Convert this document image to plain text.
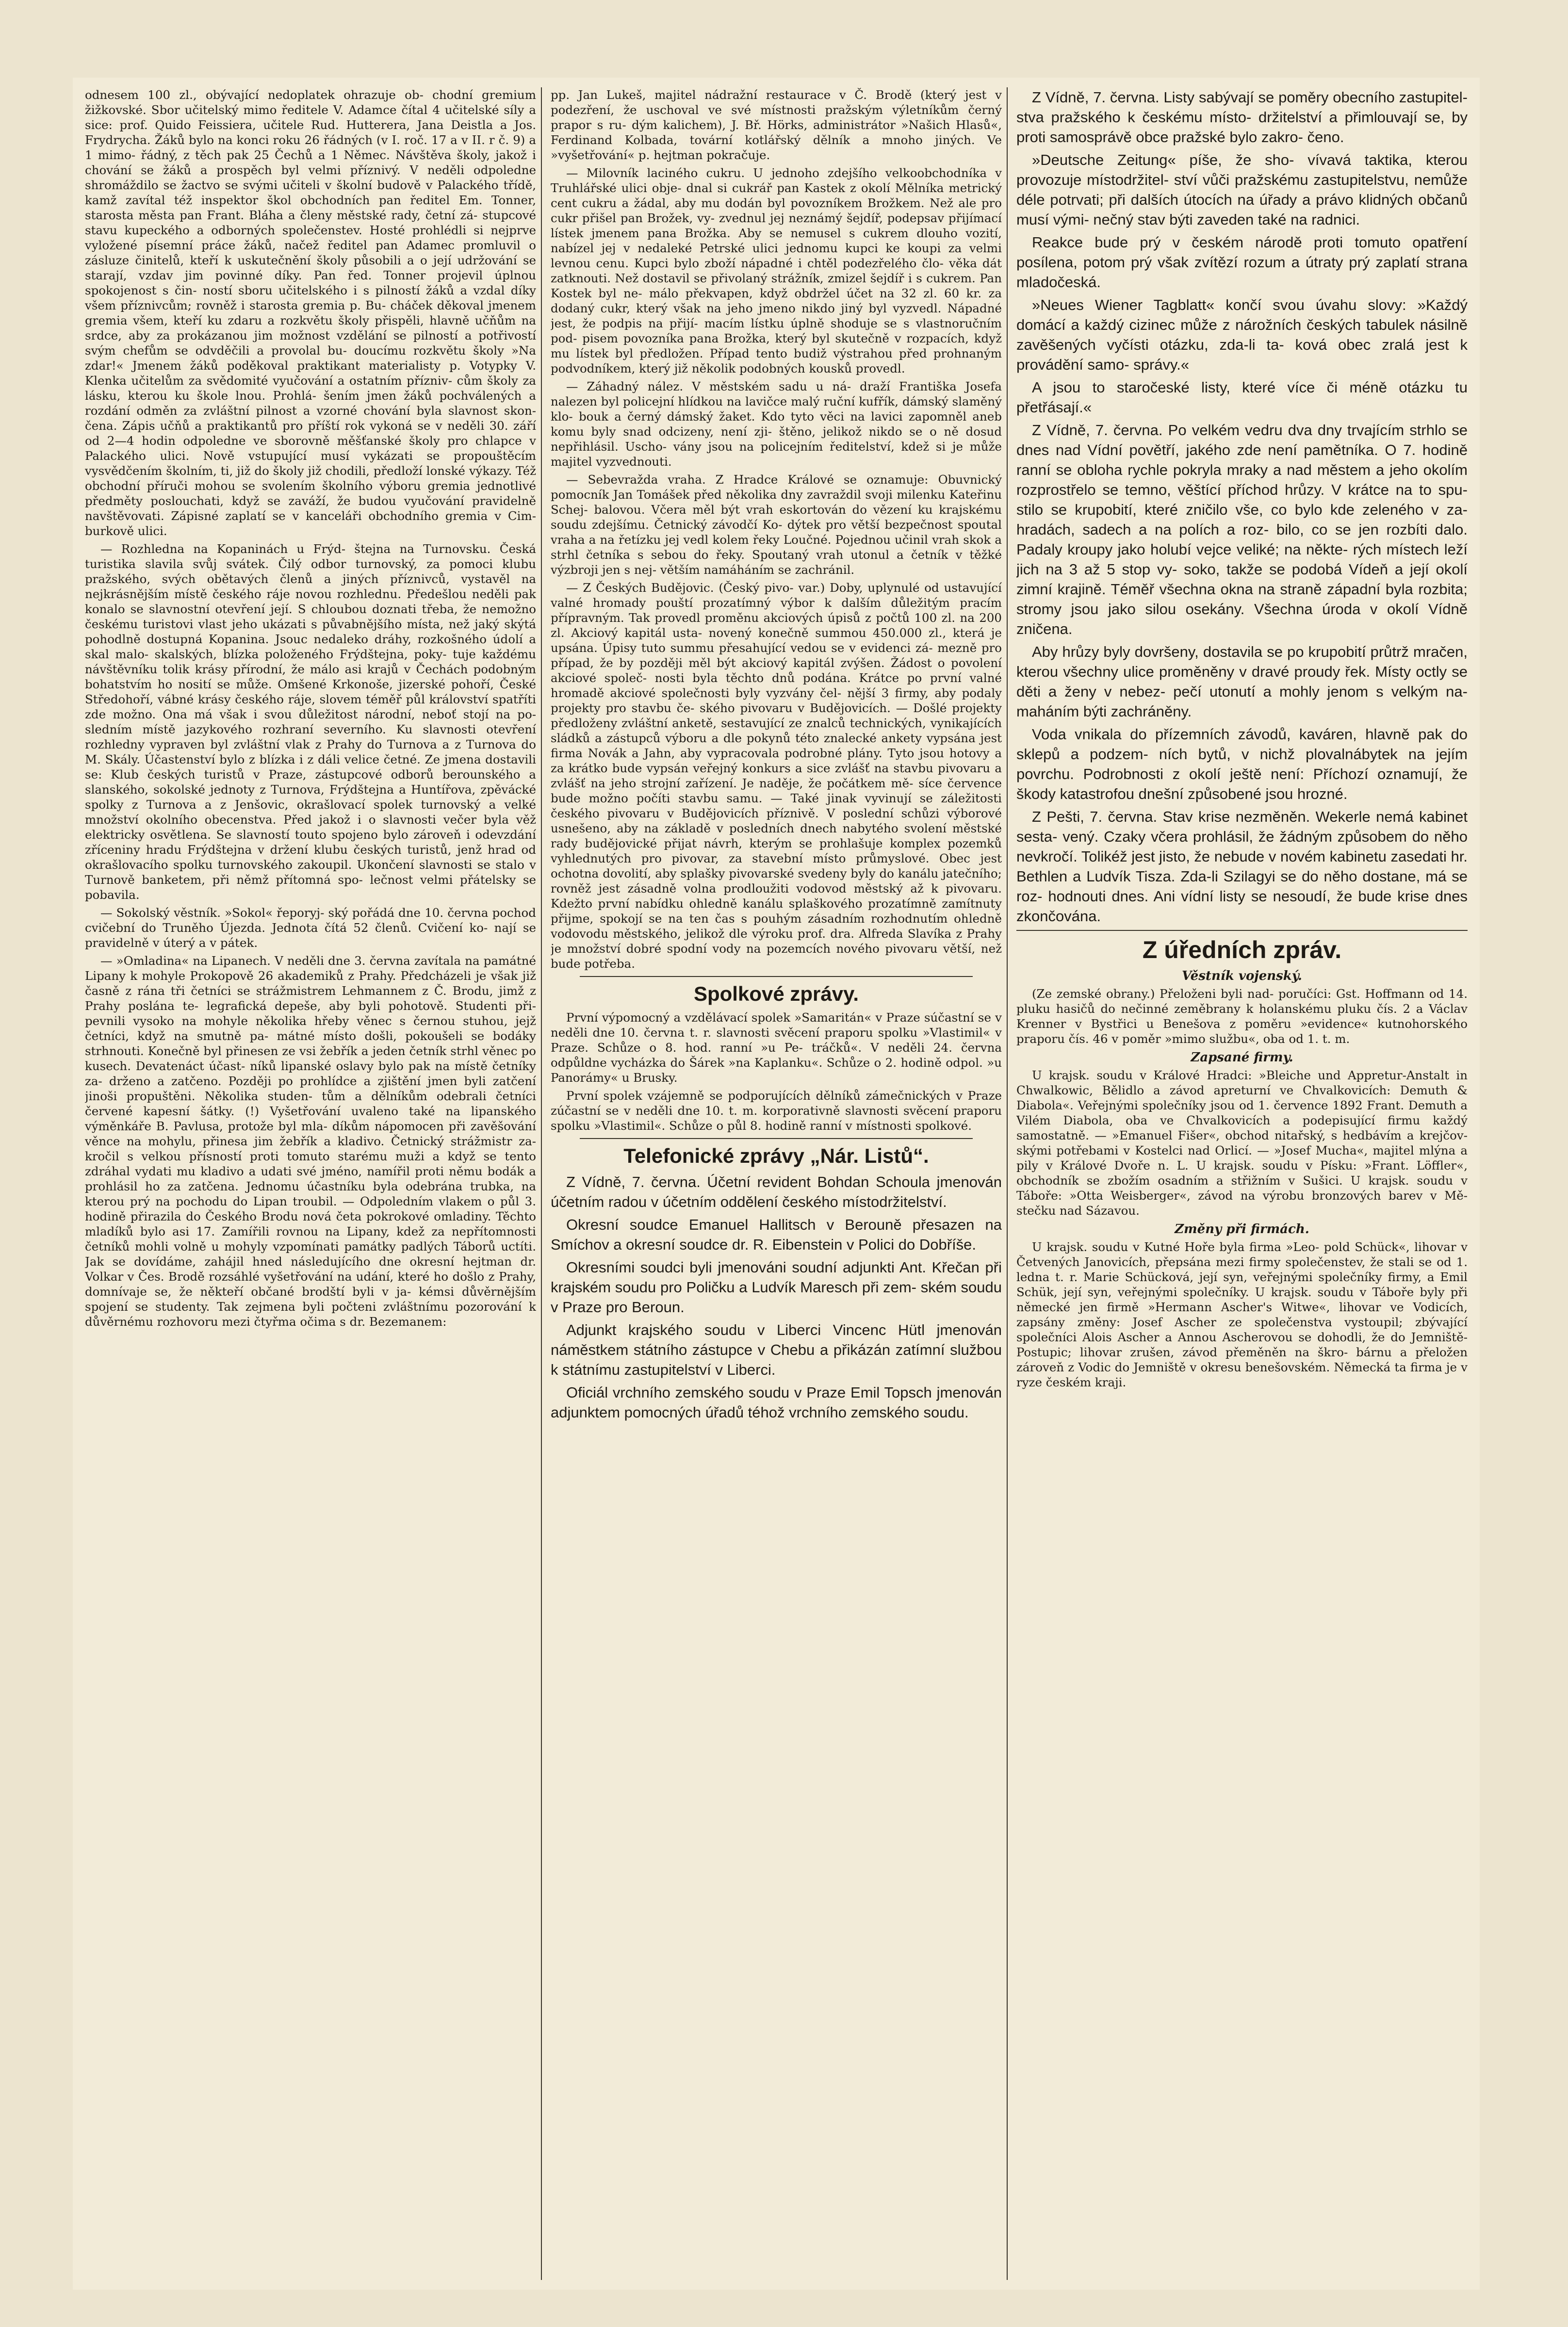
odnesem 100 zl., obývající nedoplatek ohrazuje ob- chodní gremium žižkovské. Sbor učitelský mimo ředitele V. Adamce čítal 4 učitelské síly a sice: prof. Quido Feissiera, učitele Rud. Hutterera, Jana Deistla a Jos. Frydrycha. Žáků bylo na konci roku 26 řádných (v I. roč. 17 a v II. r č. 9) a 1 mimo- řádný, z těch pak 25 Čechů a 1 Němec. Návštěva školy, jakož i chování se žáků a prospěch byl velmi příznivý. V neděli odpoledne shromáždilo se žactvo se svými učiteli v školní budově v Palackého třídě, kamž zavítal též inspektor škol obchodních pan ředitel Em. Tonner, starosta města pan Frant. Bláha a členy městské rady, četní zá- stupcové stavu kupeckého a odborných společenstev. Hosté prohlédli si nejprve vyložené písemní práce žáků, načež ředitel pan Adamec promluvil o zásluze činitelů, kteří k uskutečnění školy působili a o její udržování se starají, vzdav jim povinné díky. Pan řed. Tonner projevil úplnou spokojenost s čin- ností sboru učitelského i s pilností žáků a vzdal díky všem příznivcům; rovněž i starosta gremia p. Bu- cháček děkoval jmenem gremia všem, kteří ku zdaru a rozkvětu školy přispěli, hlavně učňům na srdce, aby za prokázanou jim možnost vzdělání se pilností a potřivostí svým chefům se odvděčili a provolal bu- doucímu rozkvětu školy »Na zdar!« Jmenem žáků poděkoval praktikant materialisty p. Votypky V. Klenka učitelům za svědomité vyučování a ostatním přízniv- cům školy za lásku, kterou ku škole lnou. Prohlá- šením jmen žáků pochválených a rozdání odměn za zvláštní pilnost a vzorné chování byla slavnost skon- čena. Zápis učňů a praktikantů pro příští rok vykoná se v neděli 30. září od 2—4 hodin odpoledne ve sborovně měšťanské školy pro chlapce v Palackého ulici. Nově vstupující musí vykázati se propouštěcím vysvědčením školním, ti, již do školy již chodili, předloží lonské výkazy. Též obchodní příruči mohou se svolením školního výboru gremia jednotlivé předměty poslouchati, když se zaváží, že budou vyučování pravidelně navštěvovati. Zápisné zaplatí se v kanceláři obchodního gremia v Cim- burkově ulici.

— Rozhledna na Kopaninách u Frýd- štejna na Turnovsku. Česká turistika slavila svůj svátek. Čilý odbor turnovský, za pomoci klubu pražského, svých obětavých členů a jiných příznivců, vystavěl na nejkrásnějším místě českého ráje novou rozhlednu. Předešlou neděli pak konalo se slavnostní otevření její. S chloubou doznati třeba, že nemožno českému turistovi vlast jeho ukázati s půvabnějšího místa, než jaký skýtá pohodlně dostupná Kopanina. Jsouc nedaleko dráhy, rozkošného údolí a skal malo- skalských, blízka položeného Frýdštejna, poky- tuje každému návštěvníku tolik krásy přírodní, že málo asi krajů v Čechách podobným bohatstvím ho nosití se může. Omšené Krkonoše, jizerské pohoří, České Středohoří, vábné krásy českého ráje, slovem téměř půl království spatříti zde možno. Ona má však i svou důležitost národní, neboť stojí na po- sledním místě jazykového rozhraní severního. Ku slavnosti otevření rozhledny vypraven byl zvláštní vlak z Prahy do Turnova a z Turnova do M. Skály. Účastenství bylo z blízka i z dáli velice četné. Ze jmena dostavili se: Klub českých turistů v Praze, zástupcové odborů berounského a slanského, sokolské jednoty z Turnova, Frýdštejna a Huntířova, zpěvácké spolky z Turnova a z Jenšovic, okrašlovací spolek turnovský a velké množství okolního obecenstva. Před jakož i o slavnosti večer byla věž elektricky osvětlena. Se slavností touto spojeno bylo zároveň i odevzdání zříceniny hradu Frýdštejna v držení klubu českých turistů, jenž hrad od okrašlovacího spolku turnovského zakoupil. Ukončení slavnosti se stalo v Turnově banketem, při němž přítomná spo- lečnost velmi přátelsky se pobavila.

— Sokolský věstník. »Sokol« řeporyj- ský pořádá dne 10. června pochod cvičební do Truněho Újezda. Jednota čítá 52 členů. Cvičení ko- nají se pravidelně v úterý a v pátek.

— »Omladina« na Lipanech. V neděli dne 3. června zavítala na památné Lipany k mohyle Prokopově 26 akademiků z Prahy. Předcházeli je však již časně z rána tři četníci se strážmistrem Lehmannem z Č. Brodu, jimž z Prahy poslána te- legrafická depeše, aby byli pohotově. Studenti při- pevnili vysoko na mohyle několika hřeby věnec s černou stuhou, jejž četníci, když na smutně pa- mátné místo došli, pokoušeli se bodáky strhnouti. Konečně byl přinesen ze vsi žebřík a jeden četník strhl věnec po kusech. Devatenáct účast- níků lipanské oslavy bylo pak na místě četníky za- drženo a zatčeno. Později po prohlídce a zjištění jmen byli zatčení jinoši propuštěni. Několika studen- tům a dělníkům odebrali četníci červené kapesní šátky. (!) Vyšetřování uvaleno také na lipanského výměnkáře B. Pavlusa, protože byl mla- díkům nápomocen při zavěšování věnce na mohylu, přinesa jim žebřík a kladivo. Četnický strážmistr za- kročil s velkou přísností proti tomuto starému muži a když se tento zdráhal vydati mu kladivo a udati své jméno, namířil proti němu bodák a prohlásil ho za zatčena. Jednomu účastníku byla odebrána trubka, na kterou prý na pochodu do Lipan troubil. — Odpoledním vlakem o půl 3. hodině přirazila do Českého Brodu nová četa pokrokové omladiny. Těchto mladíků bylo asi 17. Zamířili rovnou na Lipany, kdež za nepřítomnosti četníků mohli volně u mohyly vzpomínati památky padlých Táborů uctíti. Jak se dovídáme, zahájil hned následujícího dne okresní hejtman dr. Volkar v Čes. Brodě rozsáhlé vyšetřování na udání, které ho došlo z Prahy, domnívaje se, že někteří občané brodští byli v ja- kémsi důvěrnějším spojení se studenty. Tak zejmena byli počteni zvláštnímu pozorování k důvěrnému rozhovoru mezi čtyřma očima s dr. Bezemanem:

pp. Jan Lukeš, majitel nádražní restaurace v Č. Brodě (který jest v podezření, že uschoval ve své místnosti pražským výletníkům černý prapor s ru- dým kalichem), J. Bř. Hörks, administrátor »Našich Hlasů«, Ferdinand Kolbada, tovární kotlářský dělník a mnoho jiných. Ve »vyšetřování« p. hejtman pokračuje.

— Milovník laciného cukru. U jednoho zdejšího velkoobchodníka v Truhlářské ulici obje- dnal si cukrář pan Kastek z okolí Mělníka metrický cent cukru a žádal, aby mu dodán byl povozníkem Brožkem. Než ale pro cukr přišel pan Brožek, vy- zvednul jej neznámý šejdíř, podepsav přijímací lístek jmenem pana Brožka. Aby se nemusel s cukrem dlouho vozití, nabízel jej v nedaleké Petrské ulici jednomu kupci ke koupi za velmi levnou cenu. Kupci bylo zboží nápadné i chtěl podezřelého člo- věka dát zatknouti. Než dostavil se přivolaný strážník, zmizel šejdíř i s cukrem. Pan Kostek byl ne- málo překvapen, když obdržel účet na 32 zl. 60 kr. za dodaný cukr, který však na jeho jmeno nikdo jiný byl vyzvedl. Nápadné jest, že podpis na přijí- macím lístku úplně shoduje se s vlastnoručním pod- pisem povozníka pana Brožka, který byl skutečně v rozpacích, když mu lístek byl předložen. Případ tento budiž výstrahou před prohnaným podvodníkem, který již několik podobných kousků provedl.

— Záhadný nález. V městském sadu u ná- draží Františka Josefa nalezen byl policejní hlídkou na lavičce malý ruční kufřík, dámský slaměný klo- bouk a černý dámský žaket. Kdo tyto věci na lavici zapomněl aneb komu byly snad odcizeny, není zji- štěno, jelikož nikdo se o ně dosud nepřihlásil. Uscho- vány jsou na policejním ředitelství, kdež si je může majitel vyzvednouti.

— Sebevražda vraha. Z Hradce Králové se oznamuje: Obuvnický pomocník Jan Tomášek před několika dny zavraždil svoji milenku Kateřinu Schej- balovou. Včera měl být vrah eskortován do vězení ku krajskému soudu zdejšímu. Četnický závodčí Ko- dýtek pro větší bezpečnost spoutal vraha a na řetízku jej vedl kolem řeky Loučné. Pojednou učinil vrah skok a strhl četníka s sebou do řeky. Spoutaný vrah utonul a četník v těžké výzbroji jen s nej- větším namáháním se zachránil.

— Z Českých Budějovic. (Český pivo- var.) Doby, uplynulé od ustavující valné hromady pouští prozatímný výbor k dalším důležitým pracím přípravným. Tak provedl proměnu akciových úpisů z počtů 100 zl. na 200 zl. Akciový kapitál usta- novený konečně summou 450.000 zl., která je upsána. Úpisy tuto summu přesahující vedou se v evidenci zá- mezně pro případ, že by později měl být akciový kapitál zvýšen. Žádost o povolení akciové společ- nosti byla těchto dnů podána. Krátce po první valné hromadě akciové společnosti byly vyzvány čel- nější 3 firmy, aby podaly projekty pro stavbu če- ského pivovaru v Budějovicích. — Došlé projekty předloženy zvláštní anketě, sestavující ze znalců technických, vynikajících sládků a zástupců výboru a dle pokynů této znalecké ankety vypsána jest firma Novák a Jahn, aby vypracovala podrobné plány. Tyto jsou hotovy a za krátko bude vypsán veřejný konkurs a sice zvlášť na stavbu pivovaru a zvlášť na jeho strojní zařízení. Je naděje, že počátkem mě- síce července bude možno počíti stavbu samu. — Také jinak vyvinují se záležitosti českého pivovaru v Budějovicích příznivě. V poslední schůzi výborové usnešeno, aby na základě v posledních dnech nabytého svolení městské rady budějovické přijat návrh, kterým se prohlašuje komplex pozemků vyhlednutých pro pivovar, za stavební místo průmyslové. Obec jest ochotna dovolití, aby splašky pivovarské svedeny byly do kanálu jatečního; rovněž jest zásadně volna prodloužiti vodovod městský až k pivovaru. Kdežto první nabídku ohledně kanálu splaškového prozatímně zamítnuty přijme, spokojí se na ten čas s pouhým zásadním rozhodnutím ohledně vodovodu městského, jelikož dle výroku prof. dra. Alfreda Slavíka z Prahy je množství dobré spodní vody na pozemcích nového pivovaru větší, než bude potřeba.

Spolkové zprávy.

První výpomocný a vzdělávací spolek »Samaritán« v Praze súčastní se v neděli dne 10. června t. r. slavnosti svěcení praporu spolku »Vlastimil« v Praze. Schůze o 8. hod. ranní »u Pe- tráčků«. V neděli 24. června odpůldne vycházka do Šárek »na Kaplanku«. Schůze o 2. hodině odpol. »u Panorámy« u Brusky.

První spolek vzájemně se podporujících dělníků zámečnických v Praze zúčastní se v neděli dne 10. t. m. korporativně slavnosti svěcení praporu spolku »Vlastimil«. Schůze o půl 8. hodině ranní v místnosti spolkové.

Telefonické zprávy „Nár. Listů“.

Z Vídně, 7. června. Účetní revident Bohdan Schoula jmenován účetním radou v účetním oddělení českého místodržitelství.

Okresní soudce Emanuel Hallitsch v Berouně přesazen na Smíchov a okresní soudce dr. R. Eibenstein v Polici do Dobříše.

Okresními soudci byli jmenováni soudní adjunkti Ant. Křečan při krajském soudu pro Poličku a Ludvík Maresch při zem- ském soudu v Praze pro Beroun.

Adjunkt krajského soudu v Liberci Vincenc Hütl jmenován náměstkem státního zástupce v Chebu a přikázán zatímní službou k státnímu zastupitelství v Liberci.

Oficiál vrchního zemského soudu v Praze Emil Topsch jmenován adjunktem pomocných úřadů téhož vrchního zemského soudu.

Z Vídně, 7. června. Listy sabývají se poměry obecního zastupitel- stva pražského k českému místo- držitelství a přimlouvají se, by proti samosprávě obce pražské bylo zakro- čeno.

»Deutsche Zeitung« píše, že sho- vívavá taktika, kterou provozuje místodržitel- ství vůči pražskému zastupitelstvu, nemůže déle potrvati; při dalších útocích na úřady a právo klidných občanů musí vými- nečný stav býti zaveden také na radnici.

Reakce bude prý v českém národě proti tomuto opatření posílena, potom prý však zvítězí rozum a útraty prý zaplatí strana mladočeská.

»Neues Wiener Tagblatt« končí svou úvahu slovy: »Každý domácí a každý cizinec může z nárožních českých tabulek násilně zavěšených vyčísti otázku, zda-li ta- ková obec zralá jest k provádění samo- správy.«

A jsou to staročeské listy, které více či méně otázku tu přetřásají.«

Z Vídně, 7. června. Po velkém vedru dva dny trvajícím strhlo se dnes nad Vídní povětří, jakého zde není pamětníka. O 7. hodině ranní se obloha rychle pokryla mraky a nad městem a jeho okolím rozprostřelo se temno, věštící příchod hrůzy. V krátce na to spu- stilo se krupobití, které zničilo vše, co bylo kde zeleného v za- hradách, sadech a na polích a roz- bilo, co se jen rozbíti dalo. Padaly kroupy jako holubí vejce veliké; na někte- rých místech leží jich na 3 až 5 stop vy- soko, takže se podobá Vídeň a její okolí zimní krajině. Téměř všechna okna na straně západní byla rozbita; stromy jsou jako silou osekány. Všechna úroda v okolí Vídně zničena.

Aby hrůzy byly dovršeny, dostavila se po krupobití průtrž mračen, kterou všechny ulice proměněny v dravé proudy řek. Místy octly se děti a ženy v nebez- pečí utonutí a mohly jenom s velkým na- maháním býti zachráněny.

Voda vnikala do přízemních závodů, kaváren, hlavně pak do sklepů a podzem- ních bytů, v nichž plovalnábytek na jejím povrchu. Podrobnosti z okolí ještě není: Příchozí oznamují, že škody katastrofou dnešní způsobené jsou hrozné.

Z Pešti, 7. června. Stav krise nezměněn. Wekerle nemá kabinet sesta- vený. Czaky včera prohlásil, že žádným způsobem do něho nevkročí. Tolikéž jest jisto, že nebude v novém kabinetu zasedati hr. Bethlen a Ludvík Tisza. Zda-li Szilagyi se do něho dostane, má se roz- hodnouti dnes. Ani vídní listy se nesoudí, že bude krise dnes zkončována.

Z úředních zpráv.
Věstník vojenský.

(Ze zemské obrany.) Přeloženi byli nad- poručíci: Gst. Hoffmann od 14. pluku hasičů do nečinné zeměbrany k holanskému pluku čís. 2 a Václav Krenner v Bystřici u Benešova z poměru »evidence« kutnohorského praporu čís. 46 v poměr »mimo službu«, oba od 1. t. m.

Zapsané firmy.

U krajsk. soudu v Králové Hradci: »Bleiche und Appretur-Anstalt in Chwalkowic, Bělidlo a závod apreturní ve Chvalkovicích: Demuth & Diabola«. Veřejnými společníky jsou od 1. července 1892 Frant. Demuth a Vilém Diabola, oba ve Chvalkovicích a podepisující firmu každý samostatně. — »Emanuel Fišer«, obchod nitařský, s hedbávím a krejčov- skými potřebami v Kostelci nad Orlicí. — »Josef Mucha«, majitel mlýna a pily v Králové Dvoře n. L. U krajsk. soudu v Písku: »Frant. Löffler«, obchodník se zbožím osadním a střižním v Sušici. U krajsk. soudu v Táboře: »Otta Weisberger«, závod na výrobu bronzových barev v Mě- stečku nad Sázavou.

Změny při firmách.

U krajsk. soudu v Kutné Hoře byla firma »Leo- pold Schück«, lihovar v Četvených Janovicích, přepsána mezi firmy společenstev, že stali se od 1. ledna t. r. Marie Schücková, její syn, veřejnými společníky firmy, a Emil Schük, její syn, veřejnými společníky. U krajsk. soudu v Táboře byly při německé jen firmě »Hermann Ascher's Witwe«, lihovar ve Vodicích, zapsány změny: Josef Ascher ze společenstva vystoupil; zbývající společníci Alois Ascher a Annou Ascherovou se dohodli, že do Jemniště- Postupic; lihovar zrušen, závod přeměněn na škro- bárnu a přeložen zároveň z Vodic do Jemniště v okresu benešovském. Německá ta firma je v ryze českém kraji.
